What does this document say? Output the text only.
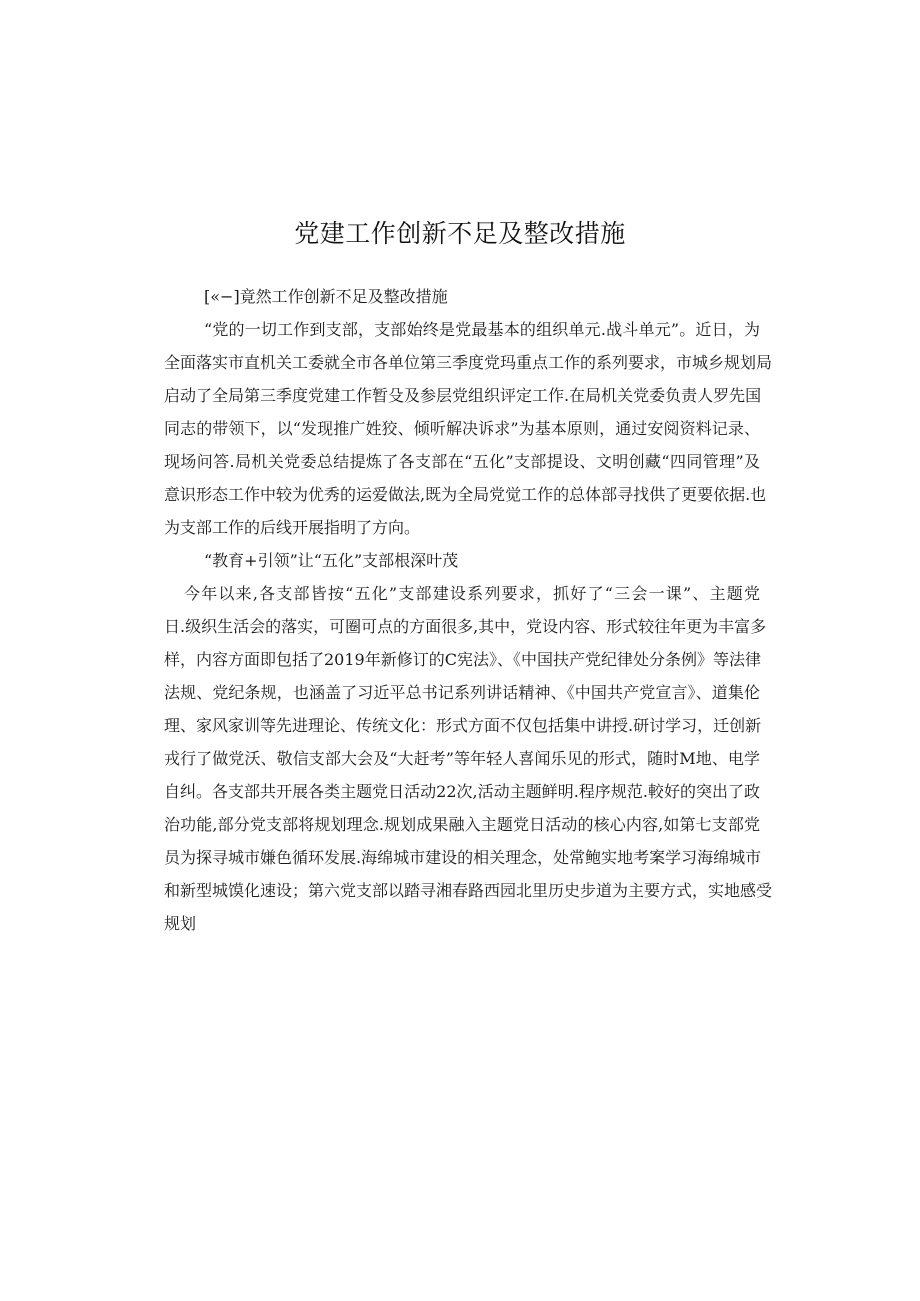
党建工作创新不足及整改措施
[«−]竟然工作创新不足及整改措施
“党的一切工作到支部，支部始终是党最基本的组织单元.战斗单元”。近日，为
全面落实市直机关工委就全市各单位第三季度党玛重点工作的系列要求，市城乡规划局
启动了全局第三季度党建工作暂殳及参层党组织评定工作.在局机关党委负责人罗先国
同志的带领下，以“发现推广姓狡、倾听解决诉求”为基本原则，通过安阅资料记录、
现场问答.局机关党委总结提炼了各支部在“五化”支部提设、文明创藏“四同管理”及
意识形态工作中较为优秀的运爱做法,既为全局党觉工作的总体部寻找供了更要依据.也
为支部工作的后线开展指明了方向。
“教育+引领”让“五化”支部根深叶茂
今年以来,各支部皆按“五化”支部建设系列要求，抓好了“三会一课”、主题党
日.级织生活会的落实，可圈可点的方面很多,其中，党设内容、形式较往年更为丰富多
样，内容方面即包括了2019年新修订的C宪法》、《中国扶产党纪律处分条例》等法律
法规、党纪条规，也涵盖了习近平总书记系列讲话精神、《中国共产党宣言》、道集伦
理、家风家训等先进理论、传统文化：形式方面不仅包括集中讲授.研讨学习，迁创新
戎行了做党沃、敬信支部大会及“大赶考”等年轻人喜闻乐见的形式，随时M地、电学
自纠。各支部共开展各类主题党日活动22次,活动主题鲜明.程序规范.較好的突出了政
治功能,部分党支部将规划理念.规划成果融入主题党日活动的核心内容,如第七支部党
员为探寻城市嫌色循环发展.海绵城市建设的相关理念，处常鲍实地考案学习海绵城市
和新型城馍化速设；第六党支部以踏寻湘春路西园北里历史步道为主要方式，实地感受
规划
